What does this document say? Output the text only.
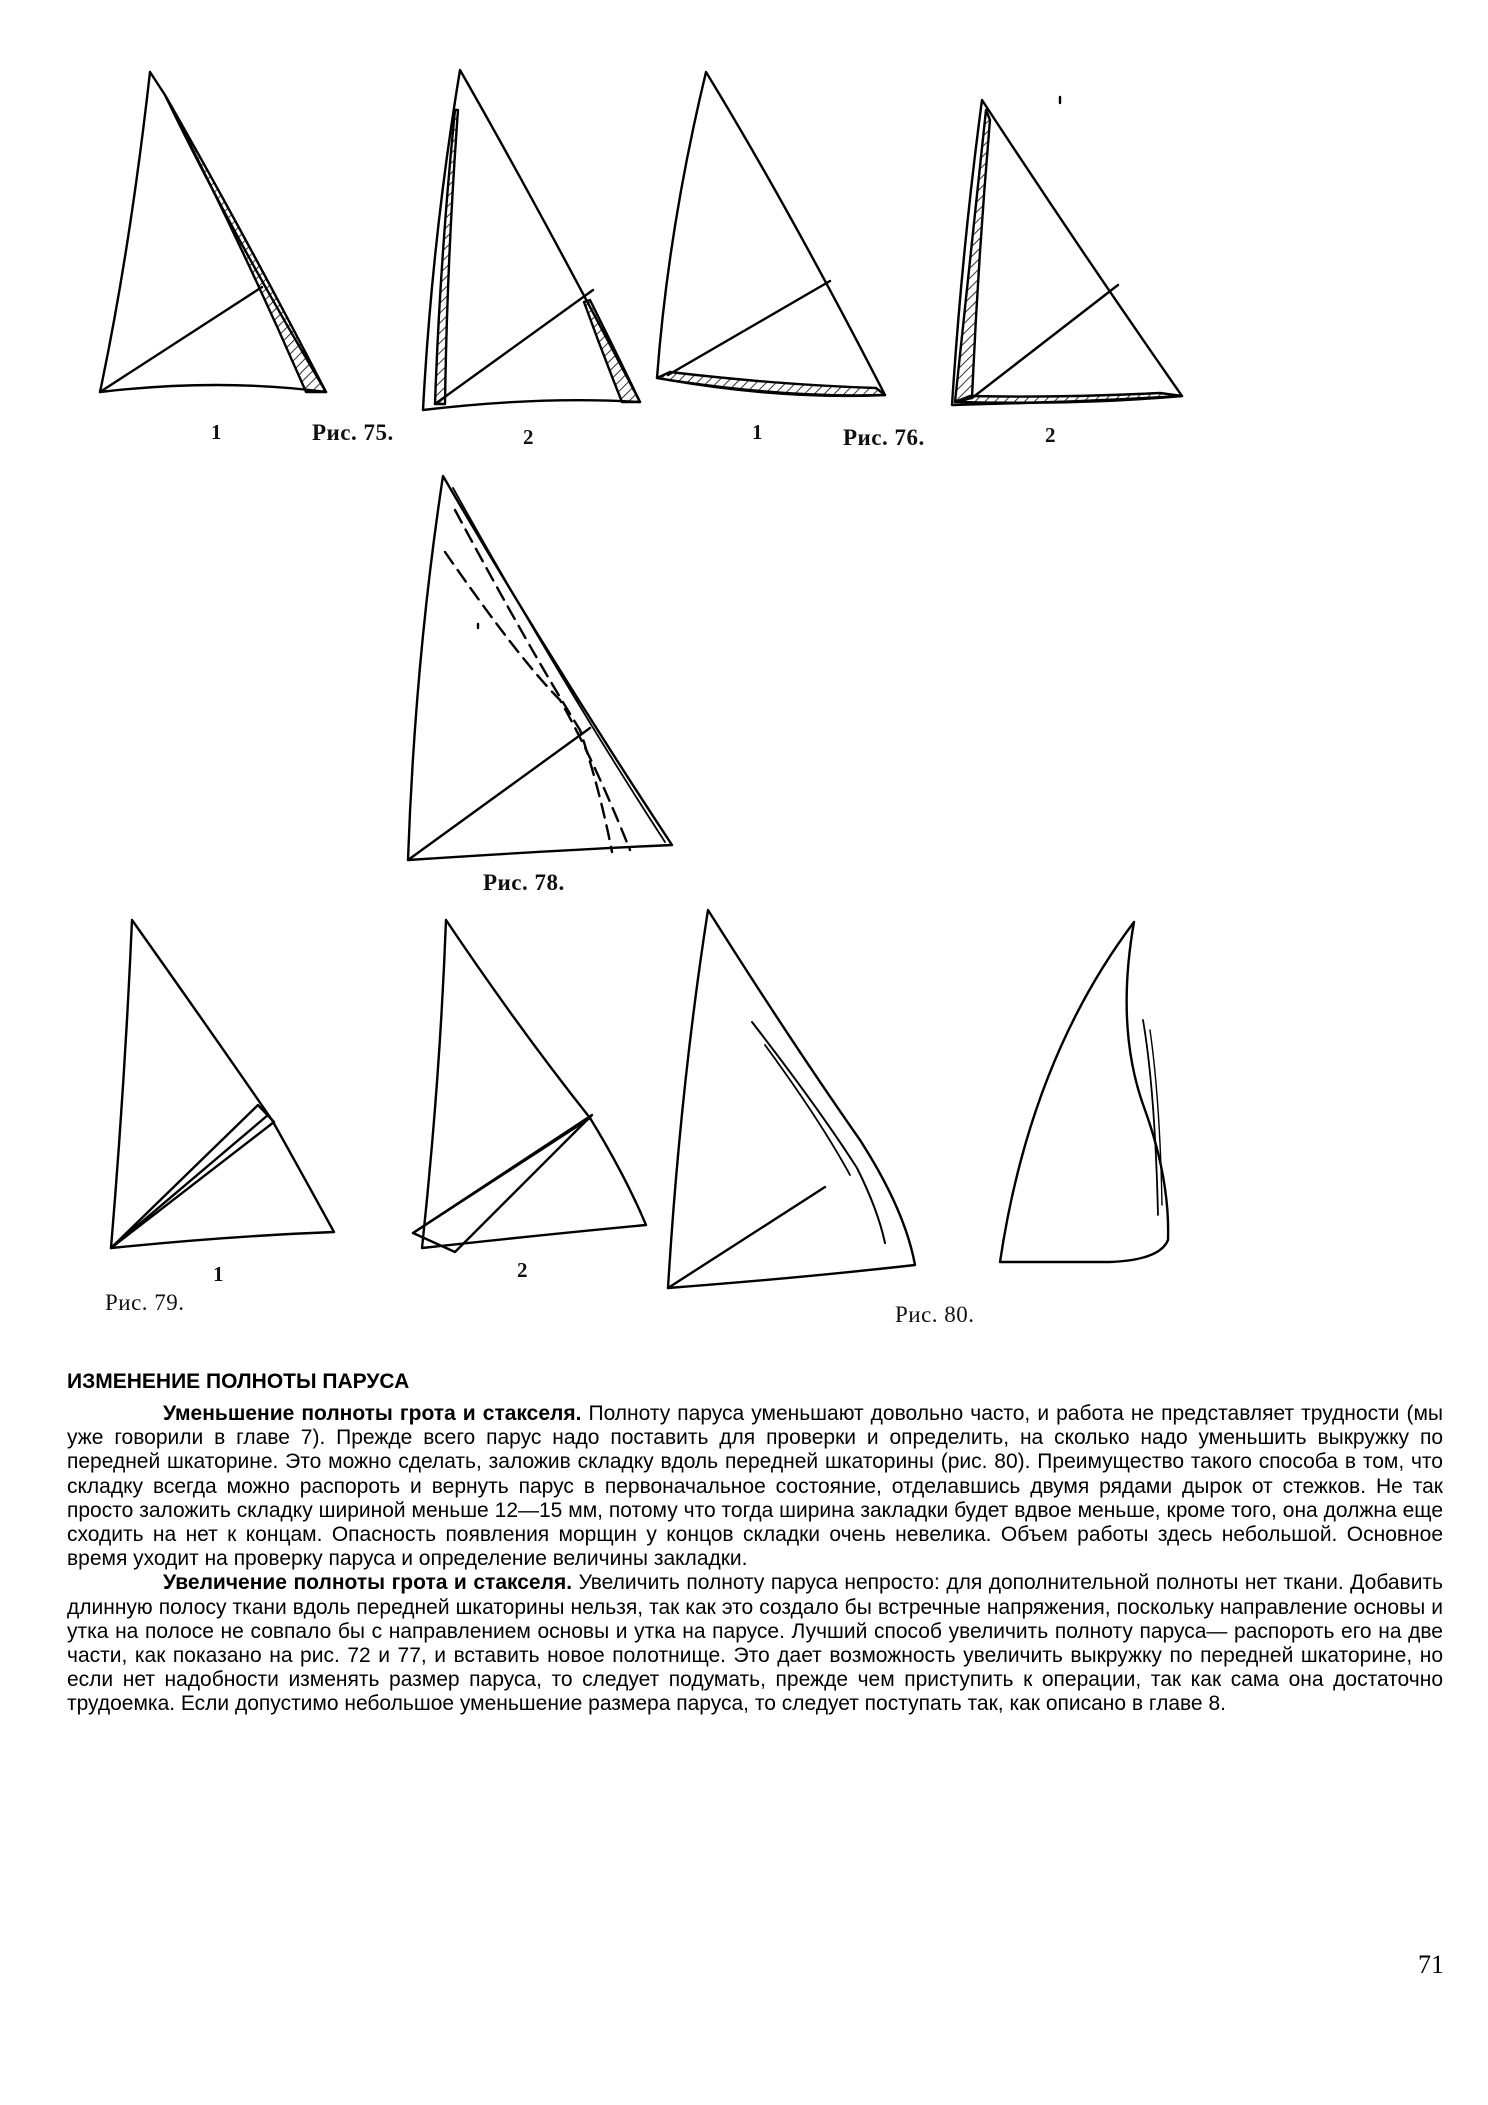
1	Рис. 75.	2	1	Рис. 76.	2
Рис. 78.
1	2
Рис. 79.	Рис. 80.
ИЗМЕНЕНИЕ ПОЛНОТЫ ПАРУСА

Уменьшение полноты грота и стакселя. Полноту паруса уменьшают довольно часто, и работа не представляет трудности (мы уже говорили в главе 7). Прежде всего парус надо поставить для проверки и определить, на сколько надо уменьшить выкружку по передней шкаторине. Это можно сделать, заложив складку вдоль передней шкаторины (рис. 80). Преимущество такого способа в том, что складку всегда можно распороть и вернуть парус в первоначальное состояние, отделавшись двумя рядами дырок от стежков. Не так просто заложить складку шириной меньше 12—15 мм, потому что тогда ширина закладки будет вдвое меньше, кроме того, она должна еще сходить на нет к концам. Опасность появления морщин у концов складки очень невелика. Объем работы здесь небольшой. Основное время уходит на проверку паруса и определение величины закладки.

Увеличение полноты грота и стакселя. Увеличить полноту паруса непросто: для дополнительной полноты нет ткани. Добавить длинную полосу ткани вдоль передней шкаторины нельзя, так как это создало бы встречные напряжения, поскольку направление основы и утка на полосе не совпало бы с направлением основы и утка на парусе. Лучший способ увеличить полноту паруса— распороть его на две части, как показано на рис. 72 и 77, и вставить новое полотнище. Это дает возможность увеличить выкружку по передней шкаторине, но если нет надобности изменять размер паруса, то следует подумать, прежде чем приступить к операции, так как сама она достаточно трудоемка. Если допустимо небольшое уменьшение размера паруса, то следует поступать так, как описано в главе 8.

71
